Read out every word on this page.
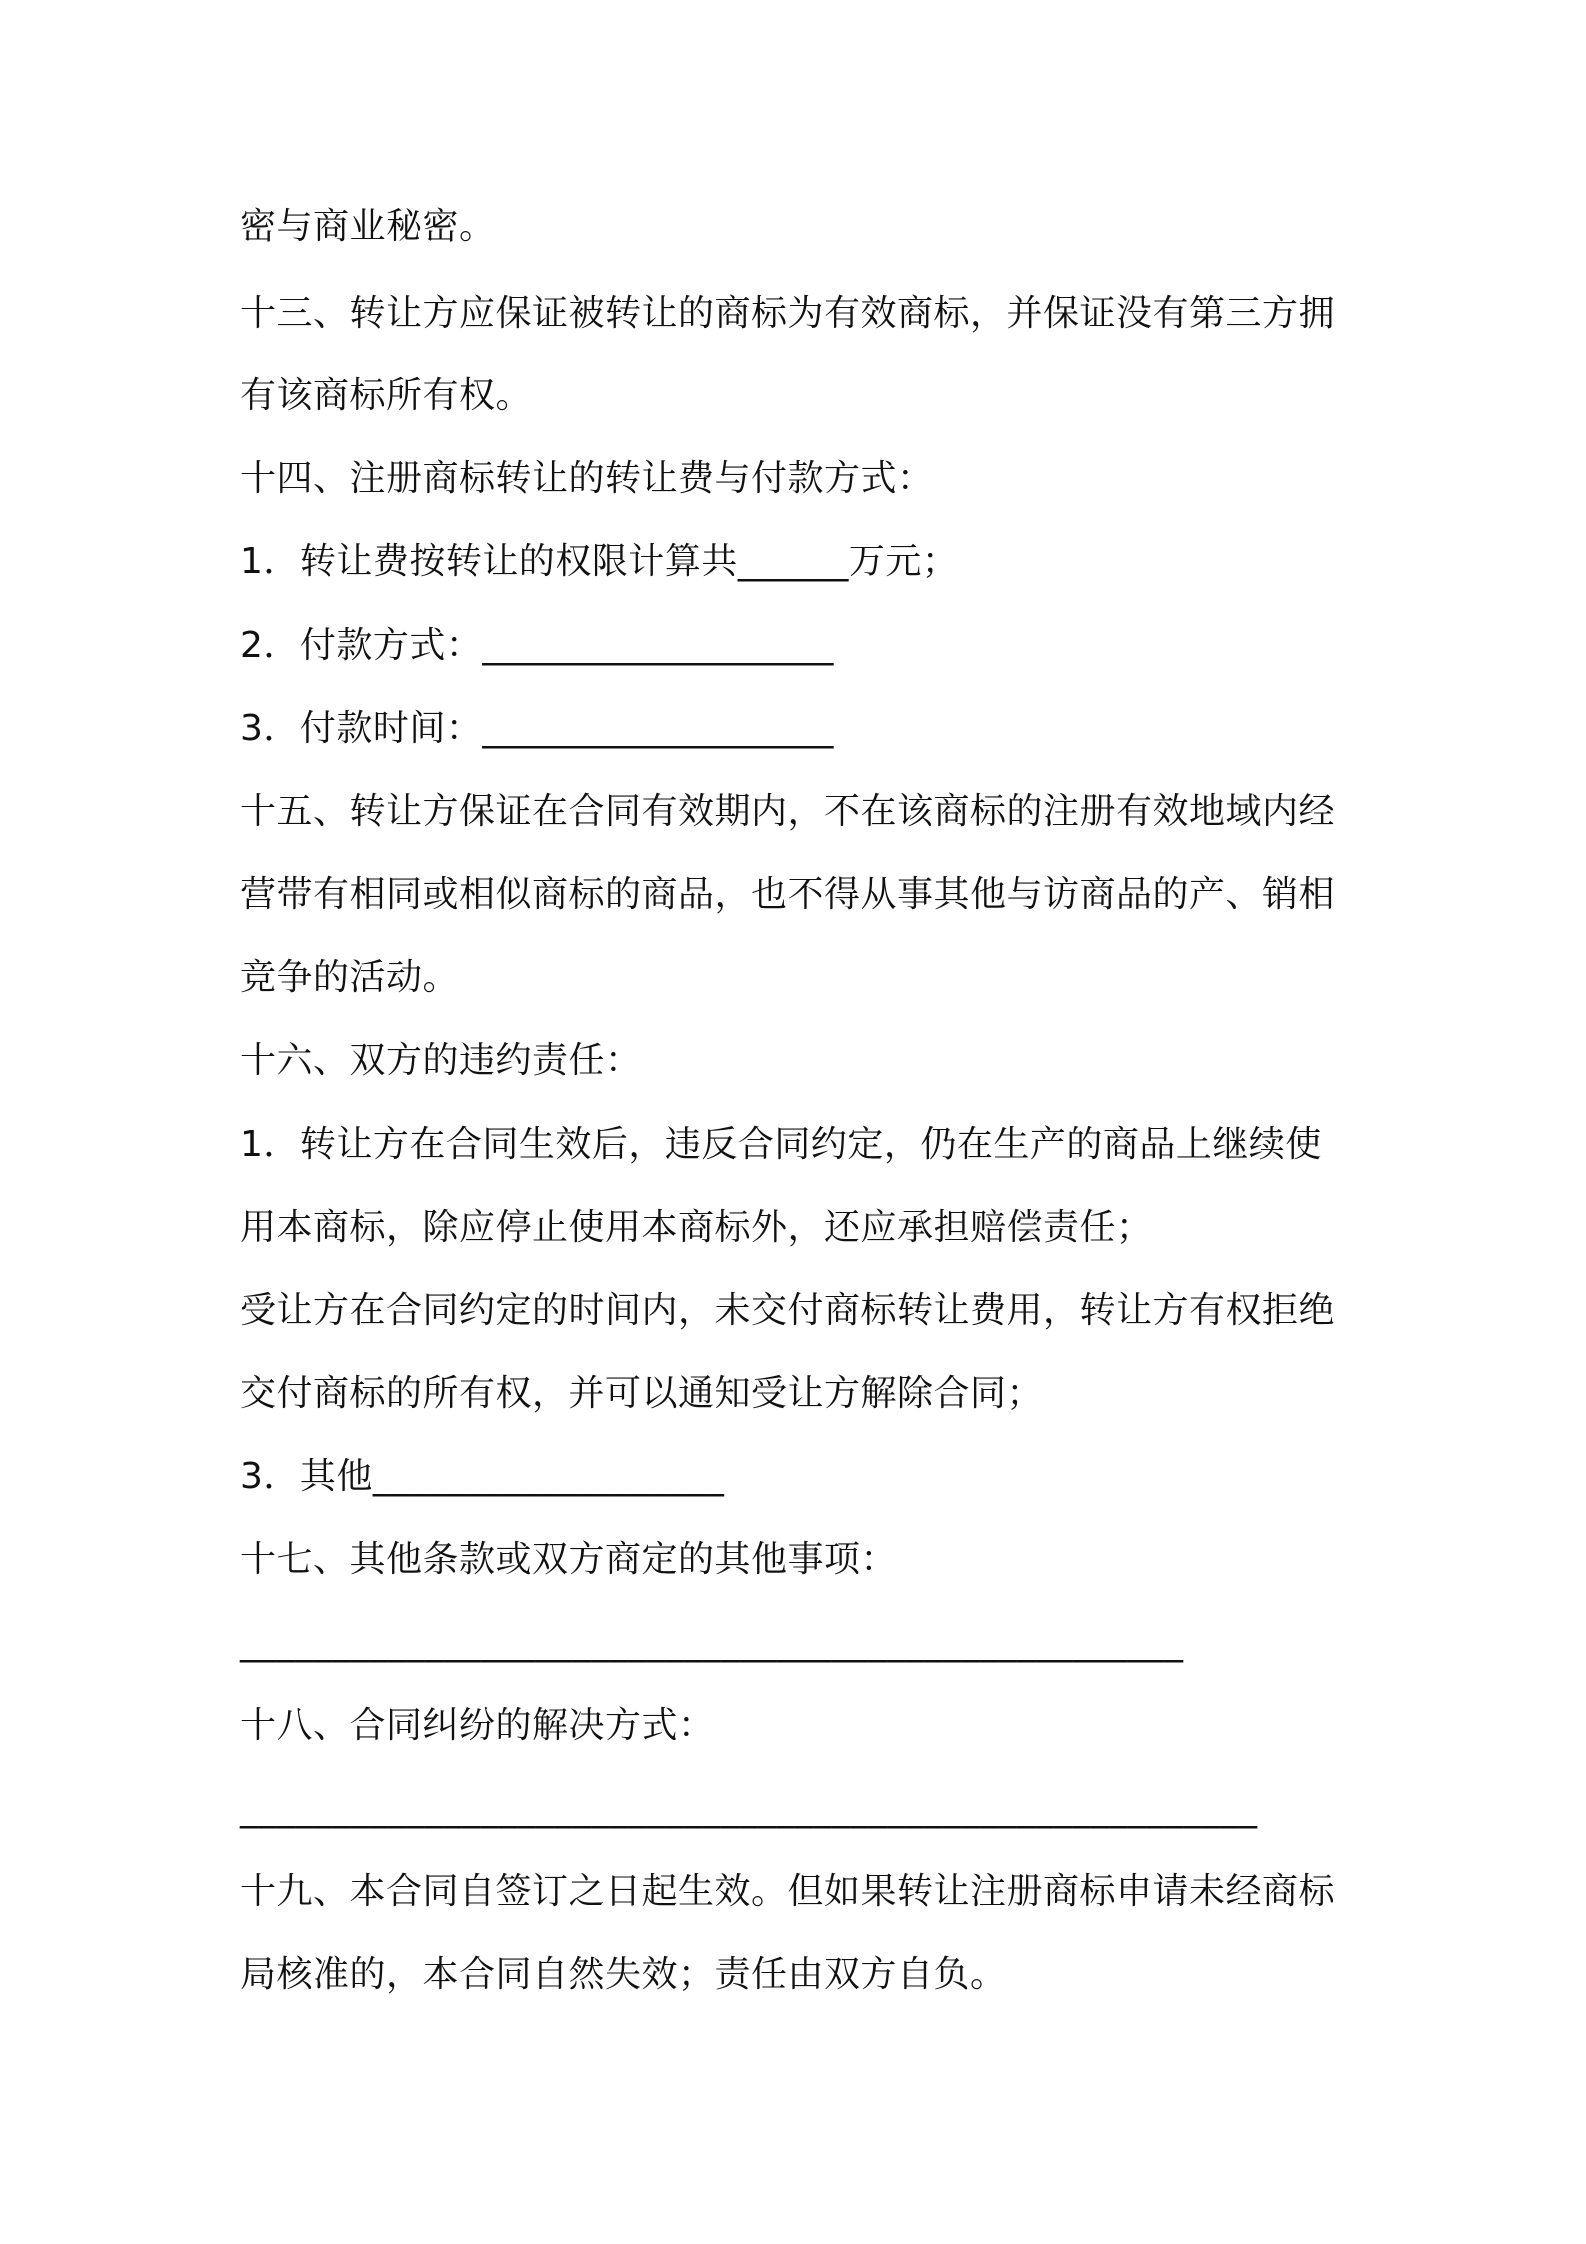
密与商业秘密。
十三、转让方应保证被转让的商标为有效商标，并保证没有第三方拥
有该商标所有权。
十四、注册商标转让的转让费与付款方式：
1．转让费按转让的权限计算共______万元；
2．付款方式：___________________
3．付款时间：___________________
十五、转让方保证在合同有效期内，不在该商标的注册有效地域内经
营带有相同或相似商标的商品，也不得从事其他与访商品的产、销相
竞争的活动。
十六、双方的违约责任：
1．转让方在合同生效后，违反合同约定，仍在生产的商品上继续使
用本商标，除应停止使用本商标外，还应承担赔偿责任；
受让方在合同约定的时间内，未交付商标转让费用，转让方有权拒绝
交付商标的所有权，并可以通知受让方解除合同；
3．其他___________________
十七、其他条款或双方商定的其他事项：
___________________________________________________
十八、合同纠纷的解决方式：
_______________________________________________________
十九、本合同自签订之日起生效。但如果转让注册商标申请未经商标
局核准的，本合同自然失效；责任由双方自负。
